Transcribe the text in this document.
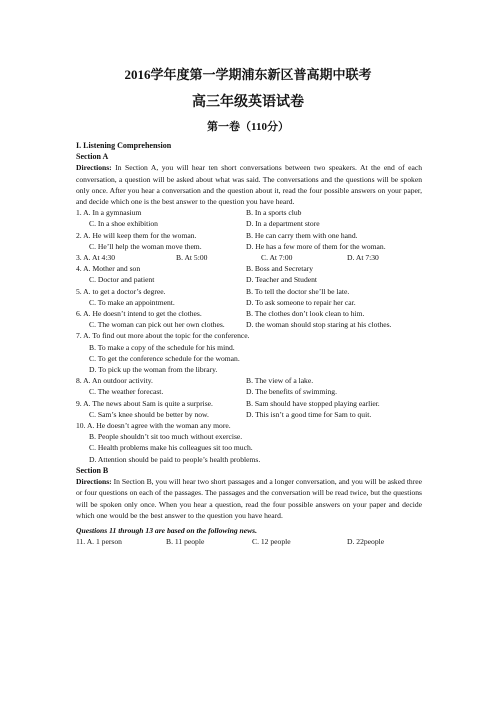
2016学年度第一学期浦东新区普高期中联考
高三年级英语试卷
第一卷（110分）
I. Listening Comprehension
Section A
Directions: In Section A, you will hear ten short conversations between two speakers. At the end of each conversation, a question will be asked about what was said. The conversations and the questions will be spoken only once. After you hear a conversation and the question about it, read the four possible answers on your paper, and decide which one is the best answer to the question you have heard.
1. A. In a gymnasium	B. In a sports club
C. In a shoe exhibition	D. In a department store
2. A. He will keep them for the woman.	B. He can carry them with one hand.
C. He’ll help the woman move them.	D. He has a few more of them for the woman.
3. A. At 4:30	B. At 5:00	C. At 7:00	D. At 7:30
4. A. Mother and son	B. Boss and Secretary
C. Doctor and patient	D. Teacher and Student
5. A. to get a doctor’s degree.	B. To tell the doctor she’ll be late.
C. To make an appointment.	D. To ask someone to repair her car.
6. A. He doesn’t intend to get the clothes.	B. The clothes don’t look clean to him.
C. The woman can pick out her own clothes.	D. the woman should stop staring at his clothes.
7. A. To find out more about the topic for the conference.
B. To make a copy of the schedule for his mind.
C. To get the conference schedule for the woman.
D. To pick up the woman from the library.
8. A. An outdoor activity.	B. The view of a lake.
C. The weather forecast.	D. The benefits of swimming.
9. A. The news about Sam is quite a surprise.	B. Sam should have stopped playing earlier.
C. Sam’s knee should be better by now.	D. This isn’t a good time for Sam to quit.
10. A. He doesn’t agree with the woman any more.
B. People shouldn’t sit too much without exercise.
C. Health problems make his colleagues sit too much.
D. Attention should be paid to people’s health problems.
Section B
Directions: In Section B, you will hear two short passages and a longer conversation, and you will be asked three or four questions on each of the passages. The passages and the conversation will be read twice, but the questions will be spoken only once. When you hear a question, read the four possible answers on your paper and decide which one would be the best answer to the question you have heard.
Questions 11 through 13 are based on the following news.
11. A. 1 person	B. 11 people	C. 12 people	D. 22people
